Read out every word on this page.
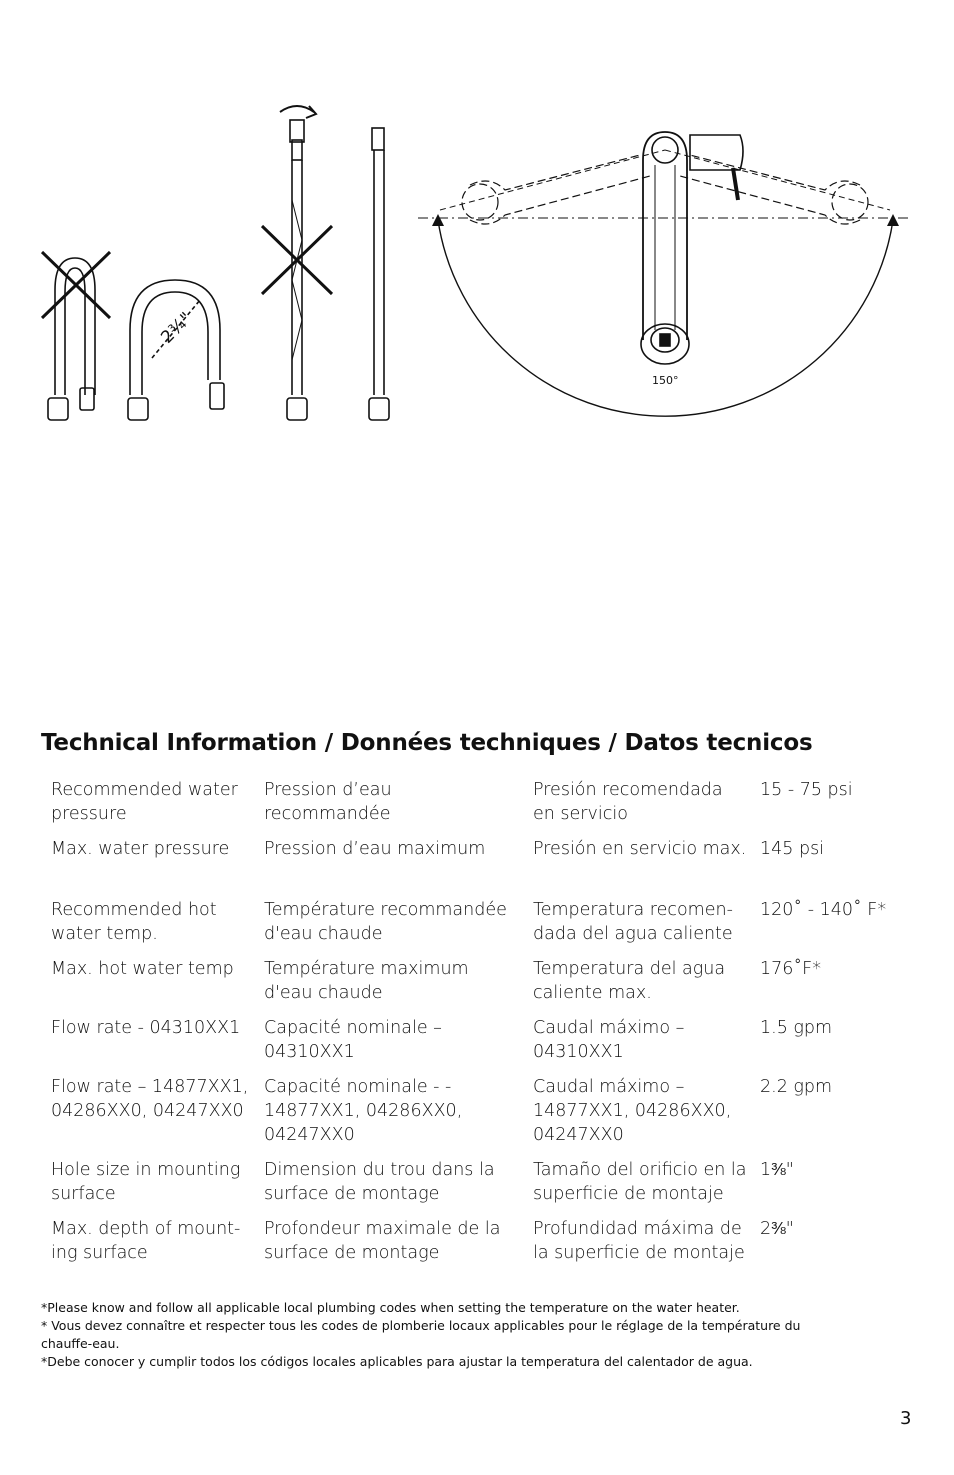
2¾"
150°
Technical Information / Données techniques / Datos tecnicos
Recommended water pressure	Pression d’eau recommandée	Presión recomendada en servicio	15 - 75 psi
Max. water pressure	Pression d’eau maximum	Presión en servicio max.	145 psi
Recommended hot water temp.	Température recommandée d'eau chaude	Temperatura recomen-dada del agua caliente	120˚ - 140˚ F*
Max. hot water temp	Température maximum d'eau chaude	Temperatura del agua caliente max.	176˚F*
Flow rate - 04310XX1	Capacité nominale – 04310XX1	Caudal máximo – 04310XX1	1.5 gpm
Flow rate – 14877XX1, 04286XX0, 04247XX0	Capacité nominale - - 14877XX1, 04286XX0, 04247XX0	Caudal máximo – 14877XX1, 04286XX0, 04247XX0	2.2 gpm
Hole size in mounting surface	Dimension du trou dans la surface de montage	Tamaño del orificio en la superficie de montaje	1⅜"
Max. depth of mount-ing surface	Profondeur maximale de la surface de montage	Profundidad máxima de la superficie de montaje	2⅜"

*Please know and follow all applicable local plumbing codes when setting the temperature on the water heater.

* Vous devez connaître et respecter tous les codes de plomberie locaux applicables pour le réglage de la température du chauffe-eau.

*Debe conocer y cumplir todos los códigos locales aplicables para ajustar la temperatura del calentador de agua.

3
